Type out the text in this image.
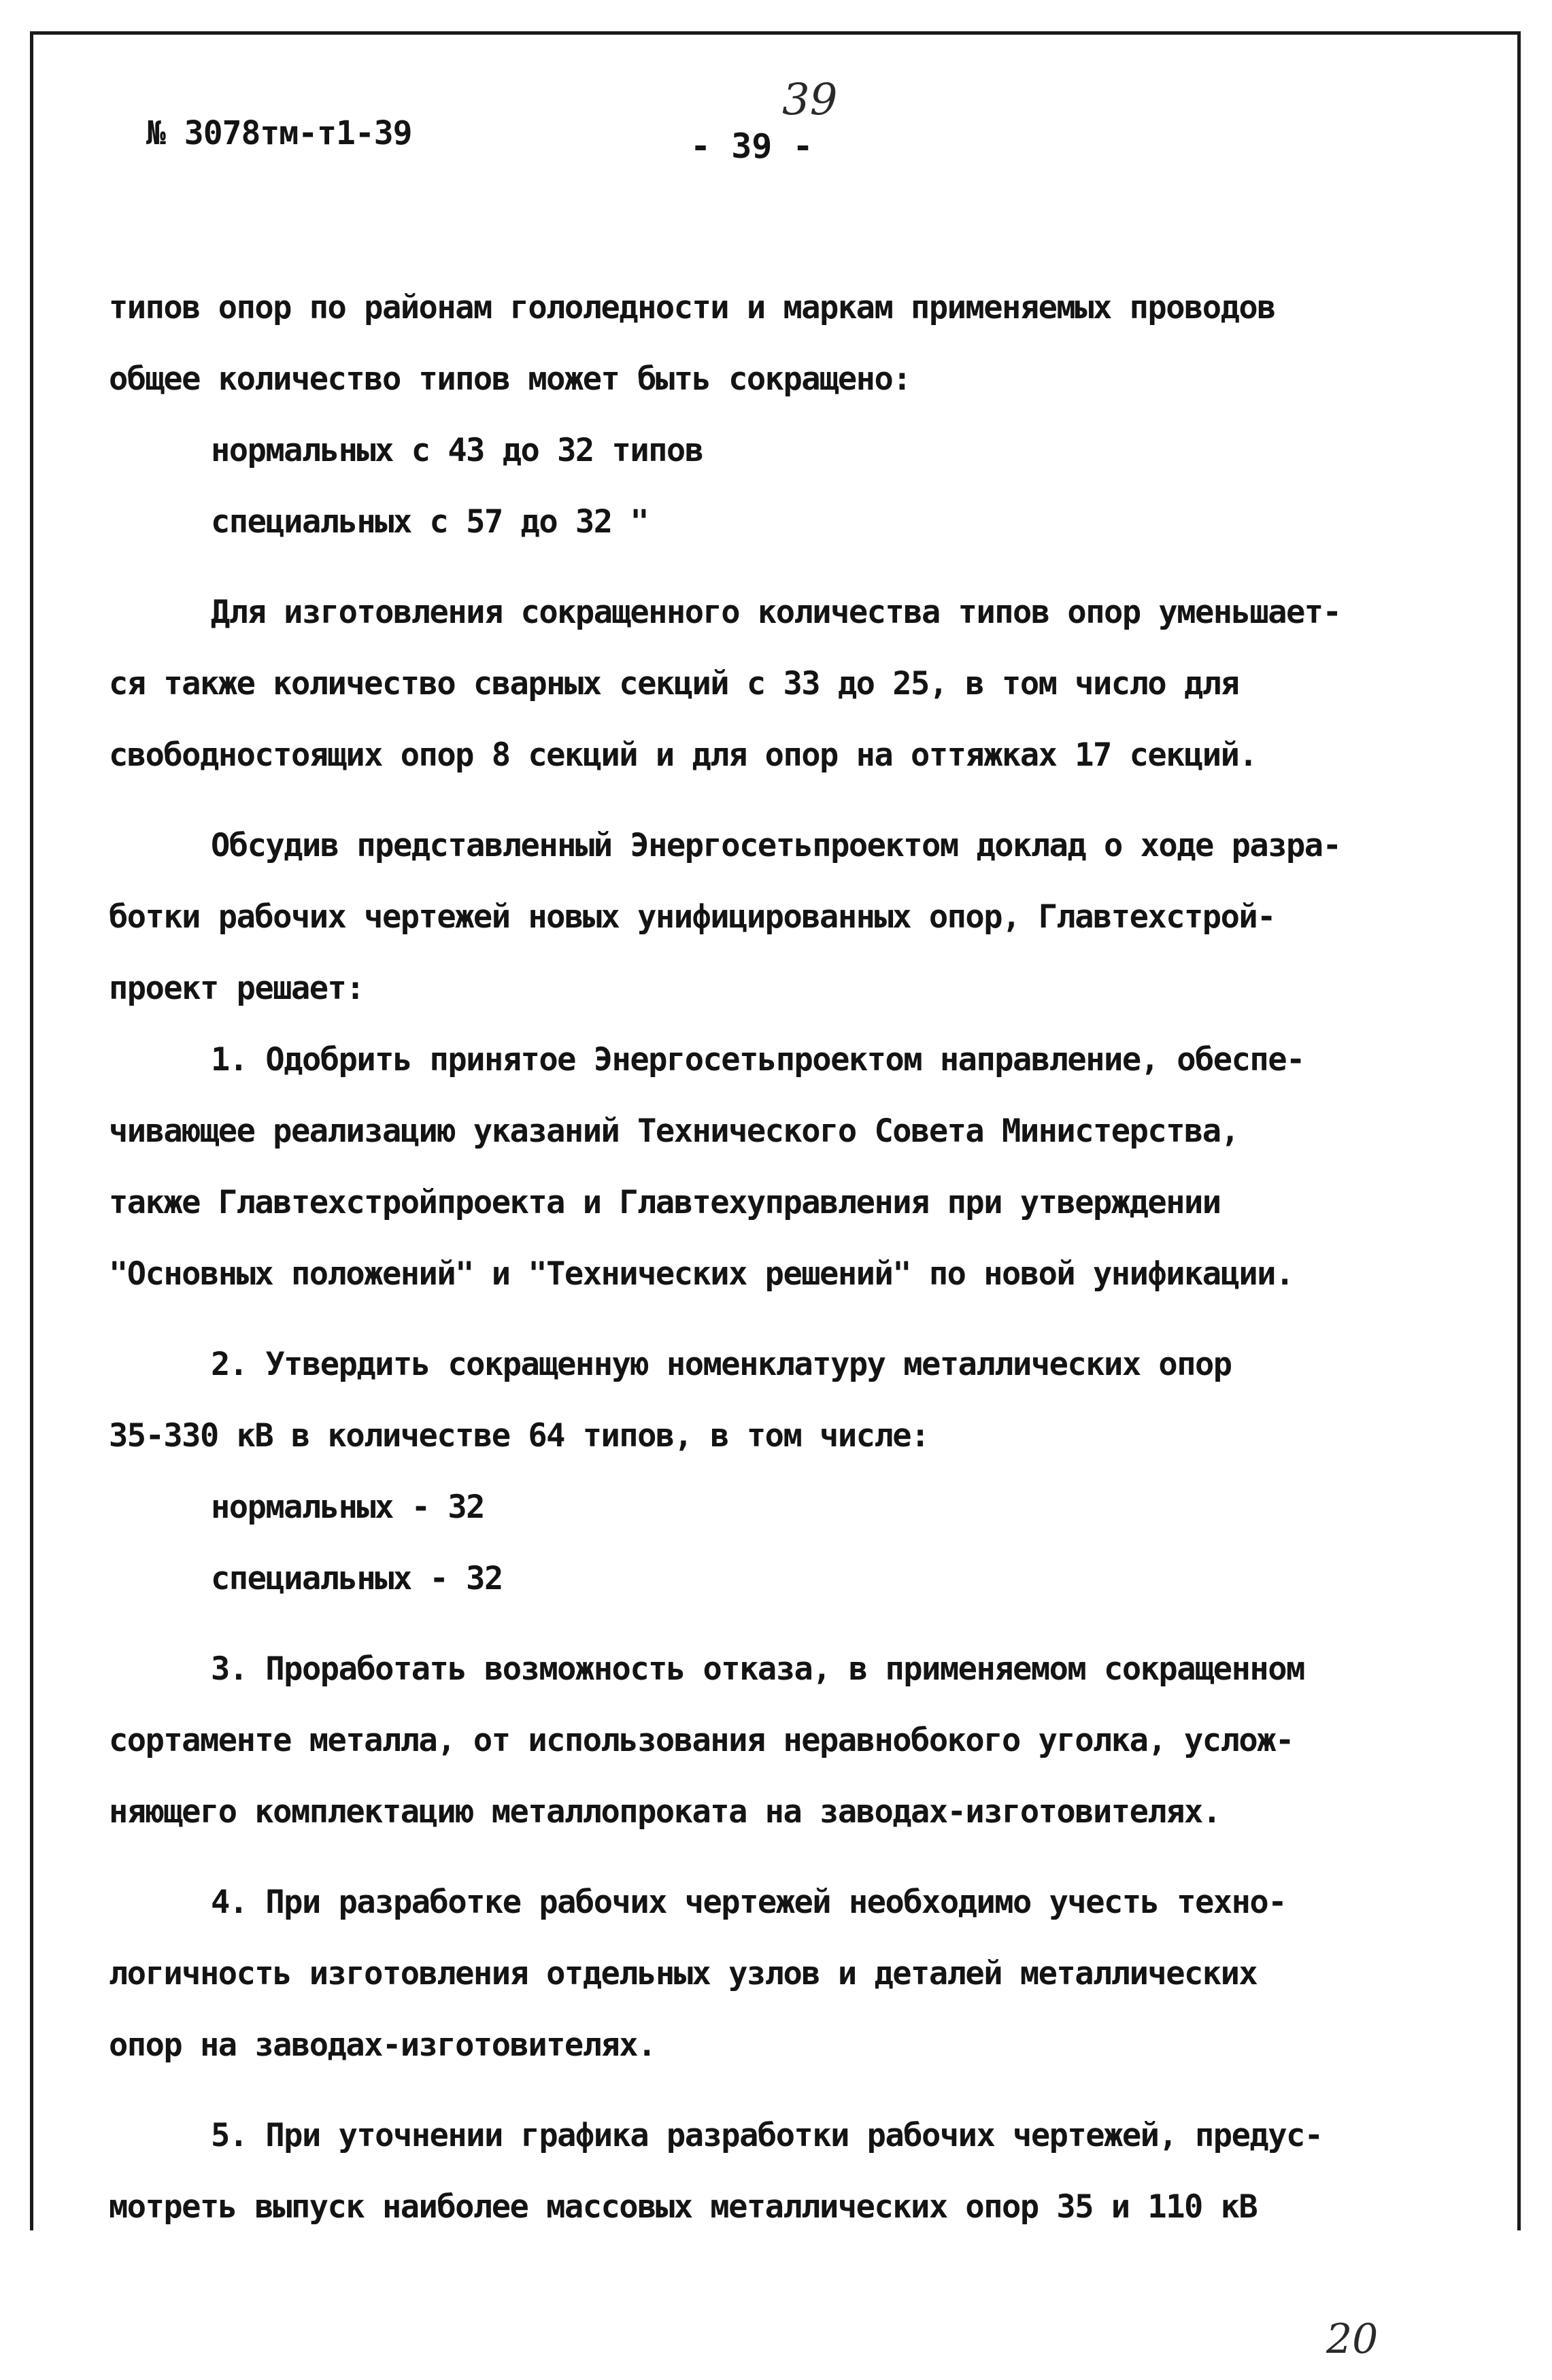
№ 3078тм-т1-39	- 39 -
39
типов опор по районам гололедности и маркам применяемых проводов
общее количество типов может быть сокращено:
нормальных с 43 до 32 типов
специальных с 57 до 32 "
Для изготовления сокращенного количества типов опор уменьшает-
ся также количество сварных секций с 33 до 25, в том число для
свободностоящих опор 8 секций и для опор на оттяжках 17 секций.
Обсудив представленный Энергосетьпроектом доклад о ходе разра-
ботки рабочих чертежей новых унифицированных опор, Главтехстрой-
проект решает:
1. Одобрить принятое Энергосетьпроектом направление, обеспе-
чивающее реализацию указаний Технического Совета Министерства,
также Главтехстройпроекта и Главтехуправления при утверждении
"Основных положений" и "Технических решений" по новой унификации.
2. Утвердить сокращенную номенклатуру металлических опор
35-330 кВ в количестве 64 типов, в том числе:
нормальных - 32
специальных - 32
3. Проработать возможность отказа, в применяемом сокращенном
сортаменте металла, от использования неравнобокого уголка, услож-
няющего комплектацию металлопроката на заводах-изготовителях.
4. При разработке рабочих чертежей необходимо учесть техно-
логичность изготовления отдельных узлов и деталей металлических
опор на заводах-изготовителях.
5. При уточнении графика разработки рабочих чертежей, предус-
мотреть выпуск наиболее массовых металлических опор 35 и 110 кВ
20
